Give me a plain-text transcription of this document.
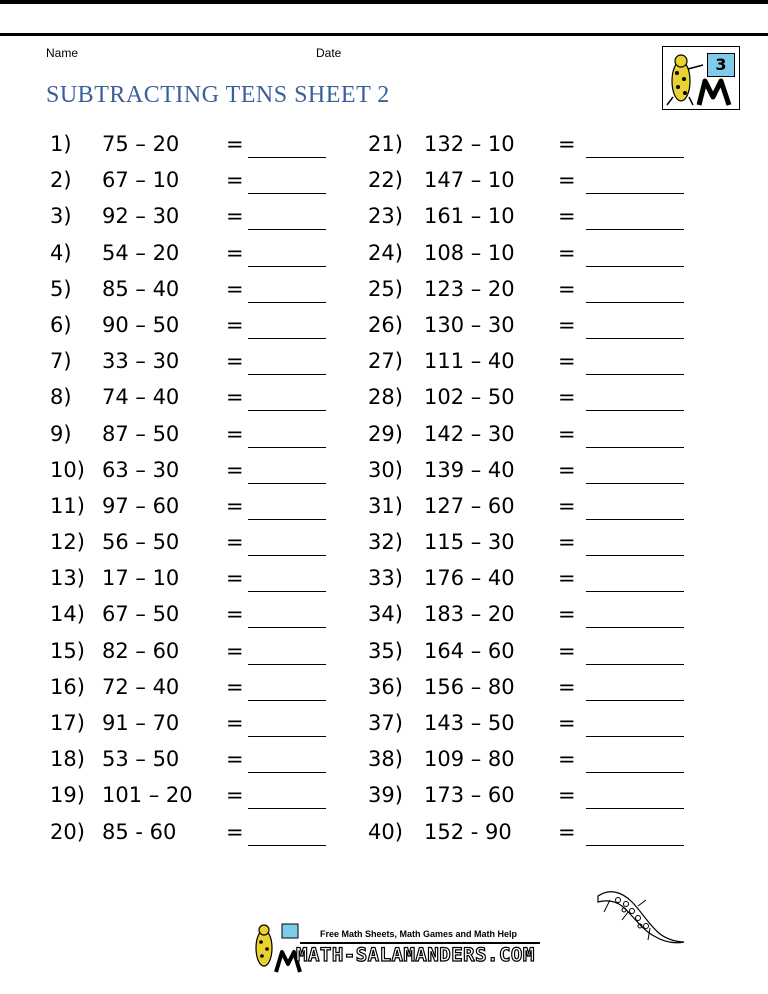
Name	Date
SUBTRACTING TENS SHEET 2
3
1) 75 – 20 =
2) 67 – 10 =
3) 92 – 30 =
4) 54 – 20 =
5) 85 – 40 =
6) 90 – 50 =
7) 33 – 30 =
8) 74 – 40 =
9) 87 – 50 =
10) 63 – 30 =
11) 97 – 60 =
12) 56 – 50 =
13) 17 – 10 =
14) 67 – 50 =
15) 82 – 60 =
16) 72 – 40 =
17) 91 – 70 =
18) 53 – 50 =
19) 101 – 20 =
20) 85 - 60 =
21) 132 – 10 =
22) 147 – 10 =
23) 161 – 10 =
24) 108 – 10 =
25) 123 – 20 =
26) 130 – 30 =
27) 111 – 40 =
28) 102 – 50 =
29) 142 – 30 =
30) 139 – 40 =
31) 127 – 60 =
32) 115 – 30 =
33) 176 – 40 =
34) 183 – 20 =
35) 164 – 60 =
36) 156 – 80 =
37) 143 – 50 =
38) 109 – 80 =
39) 173 – 60 =
40) 152 - 90 =
Free Math Sheets, Math Games and Math Help
MATH-SALAMANDERS.COM
